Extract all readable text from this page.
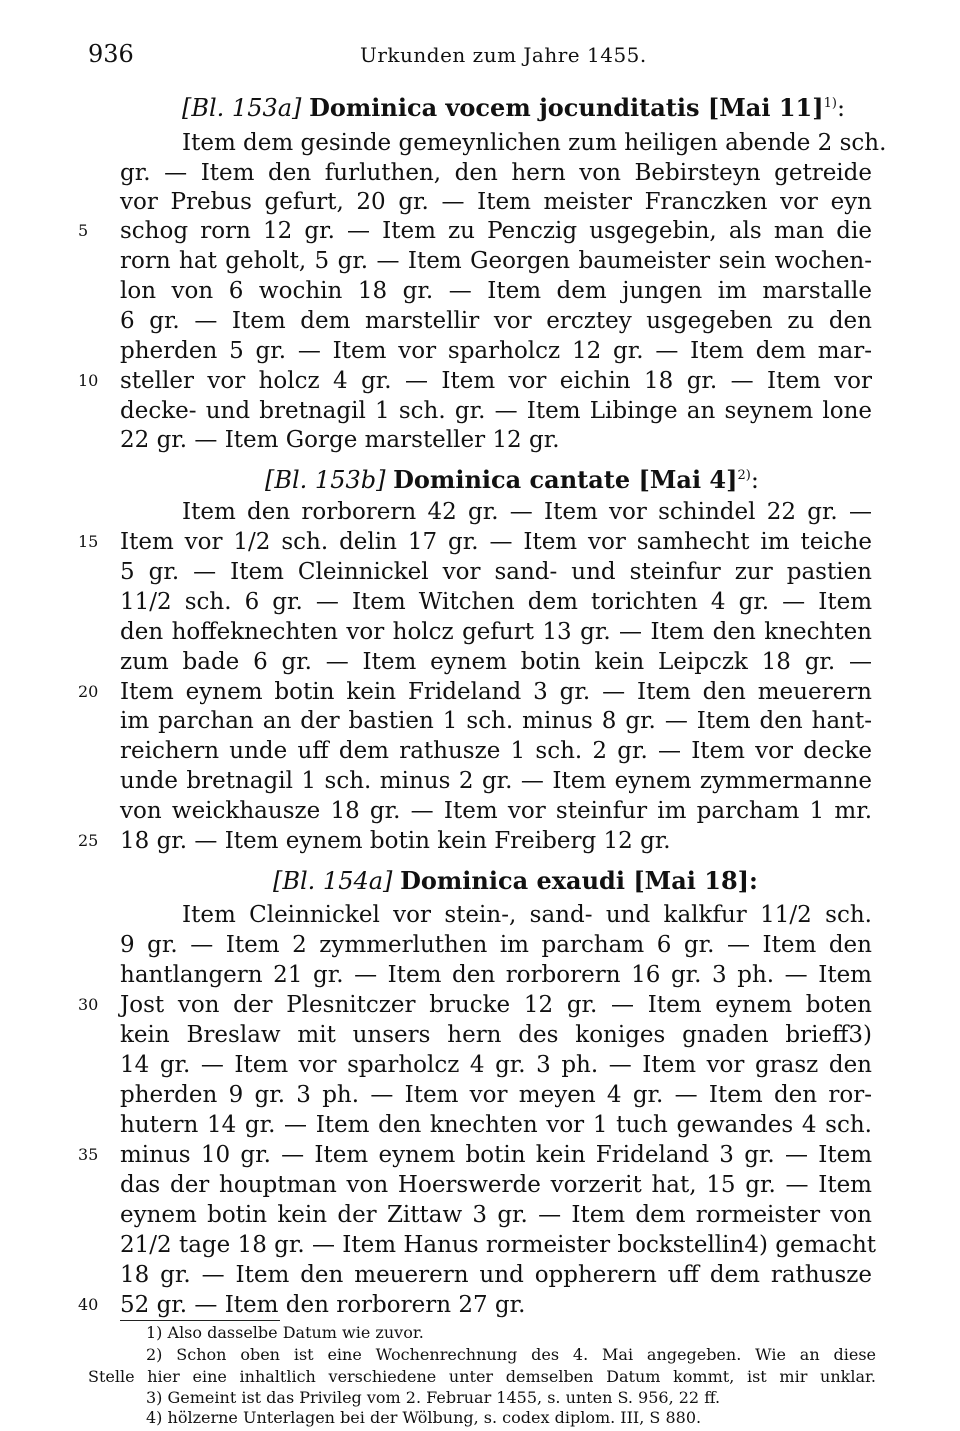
936	Urkunden zum Jahre 1455.
[Bl. 153a] Dominica vocem jocunditatis [Mai 11]$^{1)}$:
Item dem gesinde gemeynlichen zum heiligen abende 2 sch.
gr. — Item den furluthen, den hern von Bebirsteyn getreide
vor Prebus gefurt, 20 gr. — Item meister Franczken vor eyn
schog rorn 12 gr. — Item zu Penczig usgegebin, als man die
rorn hat geholt, 5 gr. — Item Georgen baumeister sein wochen-
lon von 6 wochin 18 gr. — Item dem jungen im marstalle
6 gr. — Item dem marstellir vor ercztey usgegeben zu den
pherden 5 gr. — Item vor sparholcz 12 gr. — Item dem mar-
steller vor holcz 4 gr. — Item vor eichin 18 gr. — Item vor
decke- und bretnagil 1 sch. gr. — Item Libinge an seynem lone
22 gr. — Item Gorge marsteller 12 gr.
[Bl. 153b] Dominica cantate [Mai 4]$^{2)}$:
Item den rorborern 42 gr. — Item vor schindel 22 gr. —
Item vor 1/2 sch. delin 17 gr. — Item vor samhecht im teiche
5 gr. — Item Cleinnickel vor sand- und steinfur zur pastien
11/2 sch. 6 gr. — Item Witchen dem torichten 4 gr. — Item
den hoffeknechten vor holcz gefurt 13 gr. — Item den knechten
zum bade 6 gr. — Item eynem botin kein Leipczk 18 gr. —
Item eynem botin kein Frideland 3 gr. — Item den meuerern
im parchan an der bastien 1 sch. minus 8 gr. — Item den hant-
reichern unde uff dem rathusze 1 sch. 2 gr. — Item vor decke
unde bretnagil 1 sch. minus 2 gr. — Item eynem zymmermanne
von weickhausze 18 gr. — Item vor steinfur im parcham 1 mr.
18 gr. — Item eynem botin kein Freiberg 12 gr.
[Bl. 154a] Dominica exaudi [Mai 18]:
Item Cleinnickel vor stein-, sand- und kalkfur 11/2 sch.
9 gr. — Item 2 zymmerluthen im parcham 6 gr. — Item den
hantlangern 21 gr. — Item den rorborern 16 gr. 3 ph. — Item
Jost von der Plesnitczer brucke 12 gr. — Item eynem boten
kein Breslaw mit unsers hern des koniges gnaden brieff3)
14 gr. — Item vor sparholcz 4 gr. 3 ph. — Item vor grasz den
pherden 9 gr. 3 ph. — Item vor meyen 4 gr. — Item den ror-
hutern 14 gr. — Item den knechten vor 1 tuch gewandes 4 sch.
minus 10 gr. — Item eynem botin kein Frideland 3 gr. — Item
das der houptman von Hoerswerde vorzerit hat, 15 gr. — Item
eynem botin kein der Zittaw 3 gr. — Item dem rormeister von
21/2 tage 18 gr. — Item Hanus rormeister bockstellin4) gemacht
18 gr. — Item den meuerern und oppherern uff dem rathusze
52 gr. — Item den rorborern 27 gr.
5
10
15
20
25
30
35
40
1) Also dasselbe Datum wie zuvor.
2) Schon oben ist eine Wochenrechnung des 4. Mai angegeben. Wie an diese
Stelle hier eine inhaltlich verschiedene unter demselben Datum kommt, ist mir unklar.
3) Gemeint ist das Privileg vom 2. Februar 1455, s. unten S. 956, 22 ff.
4) hölzerne Unterlagen bei der Wölbung, s. codex diplom. III, S 880.
